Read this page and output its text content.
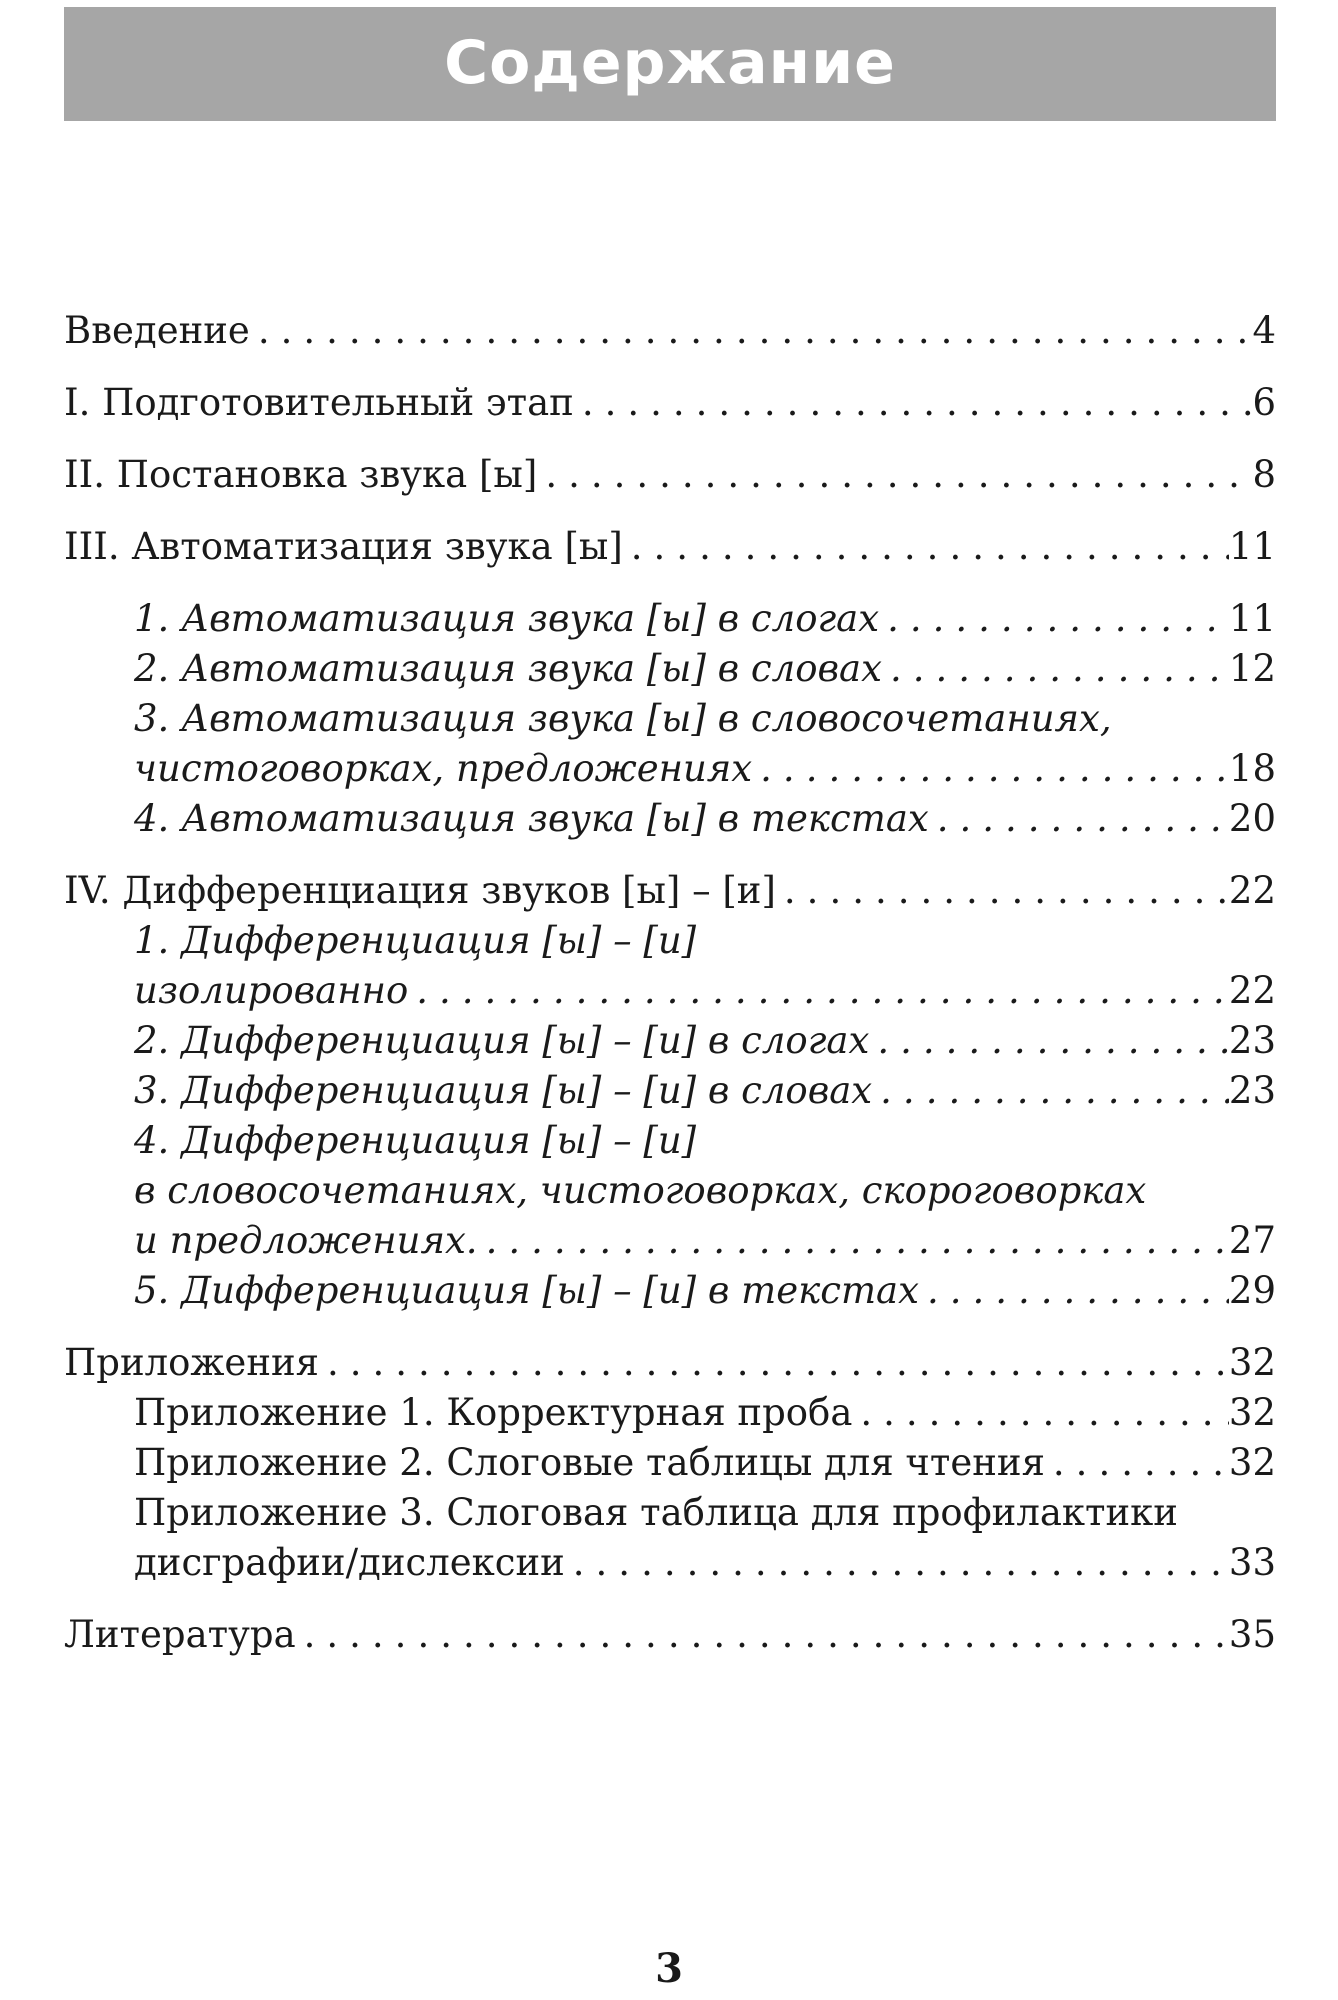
Содержание
Введение .....	4
I. Подготовительный этап .....	6
II. Постановка звука [ы] .....	8
III. Автоматизация звука [ы] .....	11
1. Автоматизация звука [ы] в слогах .....	11
2. Автоматизация звука [ы] в словах .....	12
3. Автоматизация звука [ы] в словосочетаниях,
чистоговорках, предложениях .....	18
4. Автоматизация звука [ы] в текстах .....	20
IV. Дифференциация звуков [ы] – [и] .....	22
1. Дифференциация [ы] – [и]
изолированно .....	22
2. Дифференциация [ы] – [и] в слогах .....	23
3. Дифференциация [ы] – [и] в словах .....	23
4. Дифференциация [ы] – [и]
в словосочетаниях, чистоговорках, скороговорках
и предложениях. .....	27
5. Дифференциация [ы] – [и] в текстах .....	29
Приложения .....	32
Приложение 1. Корректурная проба .....	32
Приложение 2. Слоговые таблицы для чтения .....	32
Приложение 3. Слоговая таблица для профилактики
дисграфии/дислексии .....	33
Литература .....	35
3
